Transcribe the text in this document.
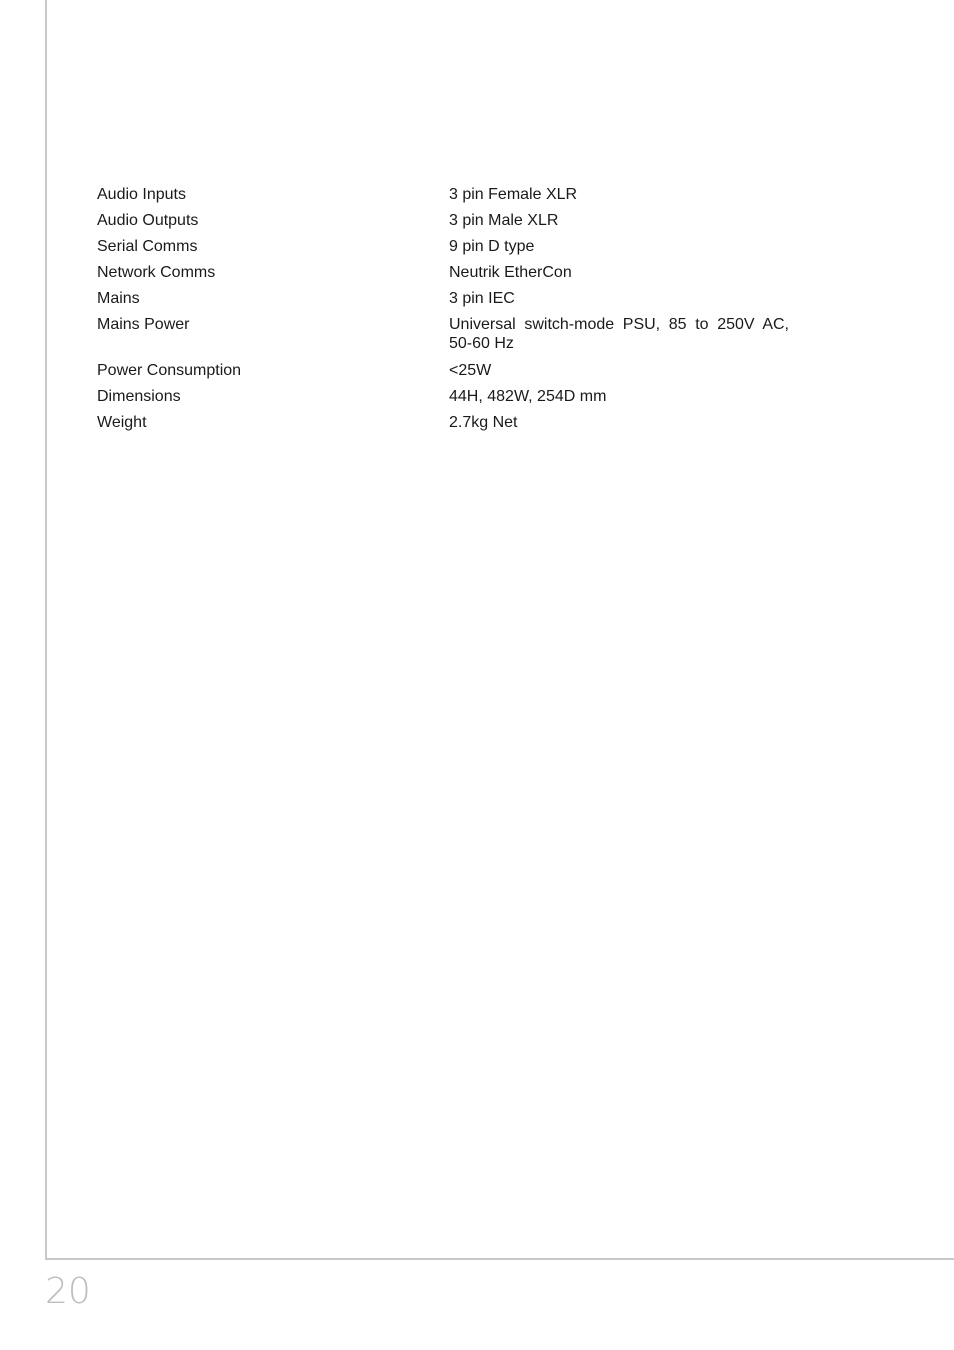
Audio Inputs	3 pin Female XLR
Audio Outputs	3 pin Male XLR
Serial Comms	9 pin D type
Network Comms	Neutrik EtherCon
Mains	3 pin IEC
Mains Power	Universal switch-mode PSU, 85 to 250V AC,
50-60 Hz
Power Consumption	<25W
Dimensions	44H, 482W, 254D mm
Weight	2.7kg Net
20
